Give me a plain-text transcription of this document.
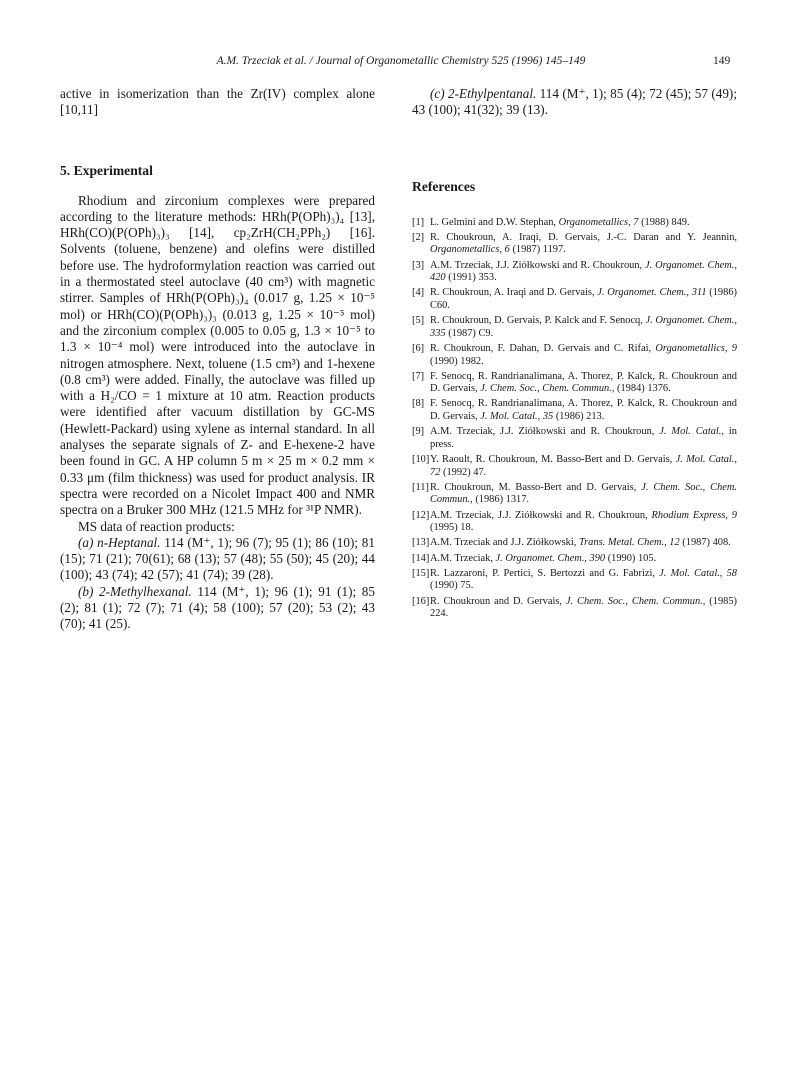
A.M. Trzeciak et al. / Journal of Organometallic Chemistry 525 (1996) 145–149	149

active in isomerization than the Zr(IV) complex alone [10,11]

5. Experimental

Rhodium and zirconium complexes were prepared according to the literature methods: HRh(P(OPh)₃)₄ [13], HRh(CO)(P(OPh)₃)₃ [14], cp₂ZrH(CH₂PPh₂) [16]. Solvents (toluene, benzene) and olefins were distilled before use. The hydroformylation reaction was carried out in a thermostated steel autoclave (40 cm³) with magnetic stirrer. Samples of HRh(P(OPh)₃)₄ (0.017 g, 1.25 × 10⁻⁵ mol) or HRh(CO)(P(OPh)₃)₃ (0.013 g, 1.25 × 10⁻⁵ mol) and the zirconium complex (0.005 to 0.05 g, 1.3 × 10⁻⁵ to 1.3 × 10⁻⁴ mol) were introduced into the autoclave in nitrogen atmosphere. Next, toluene (1.5 cm³) and 1-hexene (0.8 cm³) were added. Finally, the autoclave was filled up with a H₂/CO = 1 mixture at 10 atm. Reaction products were identified after vacuum distillation by GC-MS (Hewlett-Packard) using xylene as internal standard. In all analyses the separate signals of Z- and E-hexene-2 have been found in GC. A HP column 5 m × 25 m × 0.2 mm × 0.33 μm (film thickness) was used for product analysis. IR spectra were recorded on a Nicolet Impact 400 and NMR spectra on a Bruker 300 MHz (121.5 MHz for ³¹P NMR).

MS data of reaction products:

(a) n-Heptanal. 114 (M⁺, 1); 96 (7); 95 (1); 86 (10); 81 (15); 71 (21); 70(61); 68 (13); 57 (48); 55 (50); 45 (20); 44 (100); 43 (74); 42 (57); 41 (74); 39 (28).

(b) 2-Methylhexanal. 114 (M⁺, 1); 96 (1); 91 (1); 85 (2); 81 (1); 72 (7); 71 (4); 58 (100); 57 (20); 53 (2); 43 (70); 41 (25).

(c) 2-Ethylpentanal. 114 (M⁺, 1); 85 (4); 72 (45); 57 (49); 43 (100); 41(32); 39 (13).

References
[1] L. Gelmini and D.W. Stephan, Organometallics, 7 (1988) 849.
[2] R. Choukroun, A. Iraqi, D. Gervais, J.-C. Daran and Y. Jeannin, Organometallics, 6 (1987) 1197.
[3] A.M. Trzeciak, J.J. Ziółkowski and R. Choukroun, J. Organomet. Chem., 420 (1991) 353.
[4] R. Choukroun, A. Iraqi and D. Gervais, J. Organomet. Chem., 311 (1986) C60.
[5] R. Choukroun, D. Gervais, P. Kalck and F. Senocq, J. Organomet. Chem., 335 (1987) C9.
[6] R. Choukroun, F. Dahan, D. Gervais and C. Rifai, Organometallics, 9 (1990) 1982.
[7] F. Senocq, R. Randrianalimana, A. Thorez, P. Kalck, R. Choukroun and D. Gervais, J. Chem. Soc., Chem. Commun., (1984) 1376.
[8] F. Senocq, R. Randrianalimana, A. Thorez, P. Kalck, R. Choukroun and D. Gervais, J. Mol. Catal., 35 (1986) 213.
[9] A.M. Trzeciak, J.J. Ziółkowski and R. Choukroun, J. Mol. Catal., in press.
[10]Y. Raoult, R. Choukroun, M. Basso-Bert and D. Gervais, J. Mol. Catal., 72 (1992) 47.
[11]R. Choukroun, M. Basso-Bert and D. Gervais, J. Chem. Soc., Chem. Commun., (1986) 1317.
[12]A.M. Trzeciak, J.J. Ziółkowski and R. Choukroun, Rhodium Express, 9 (1995) 18.
[13]A.M. Trzeciak and J.J. Ziółkowski, Trans. Metal. Chem., 12 (1987) 408.
[14]A.M. Trzeciak, J. Organomet. Chem., 390 (1990) 105.
[15]R. Lazzaroni, P. Pertici, S. Bertozzi and G. Fabrizi, J. Mol. Catal., 58 (1990) 75.
[16]R. Choukroun and D. Gervais, J. Chem. Soc., Chem. Commun., (1985) 224.
